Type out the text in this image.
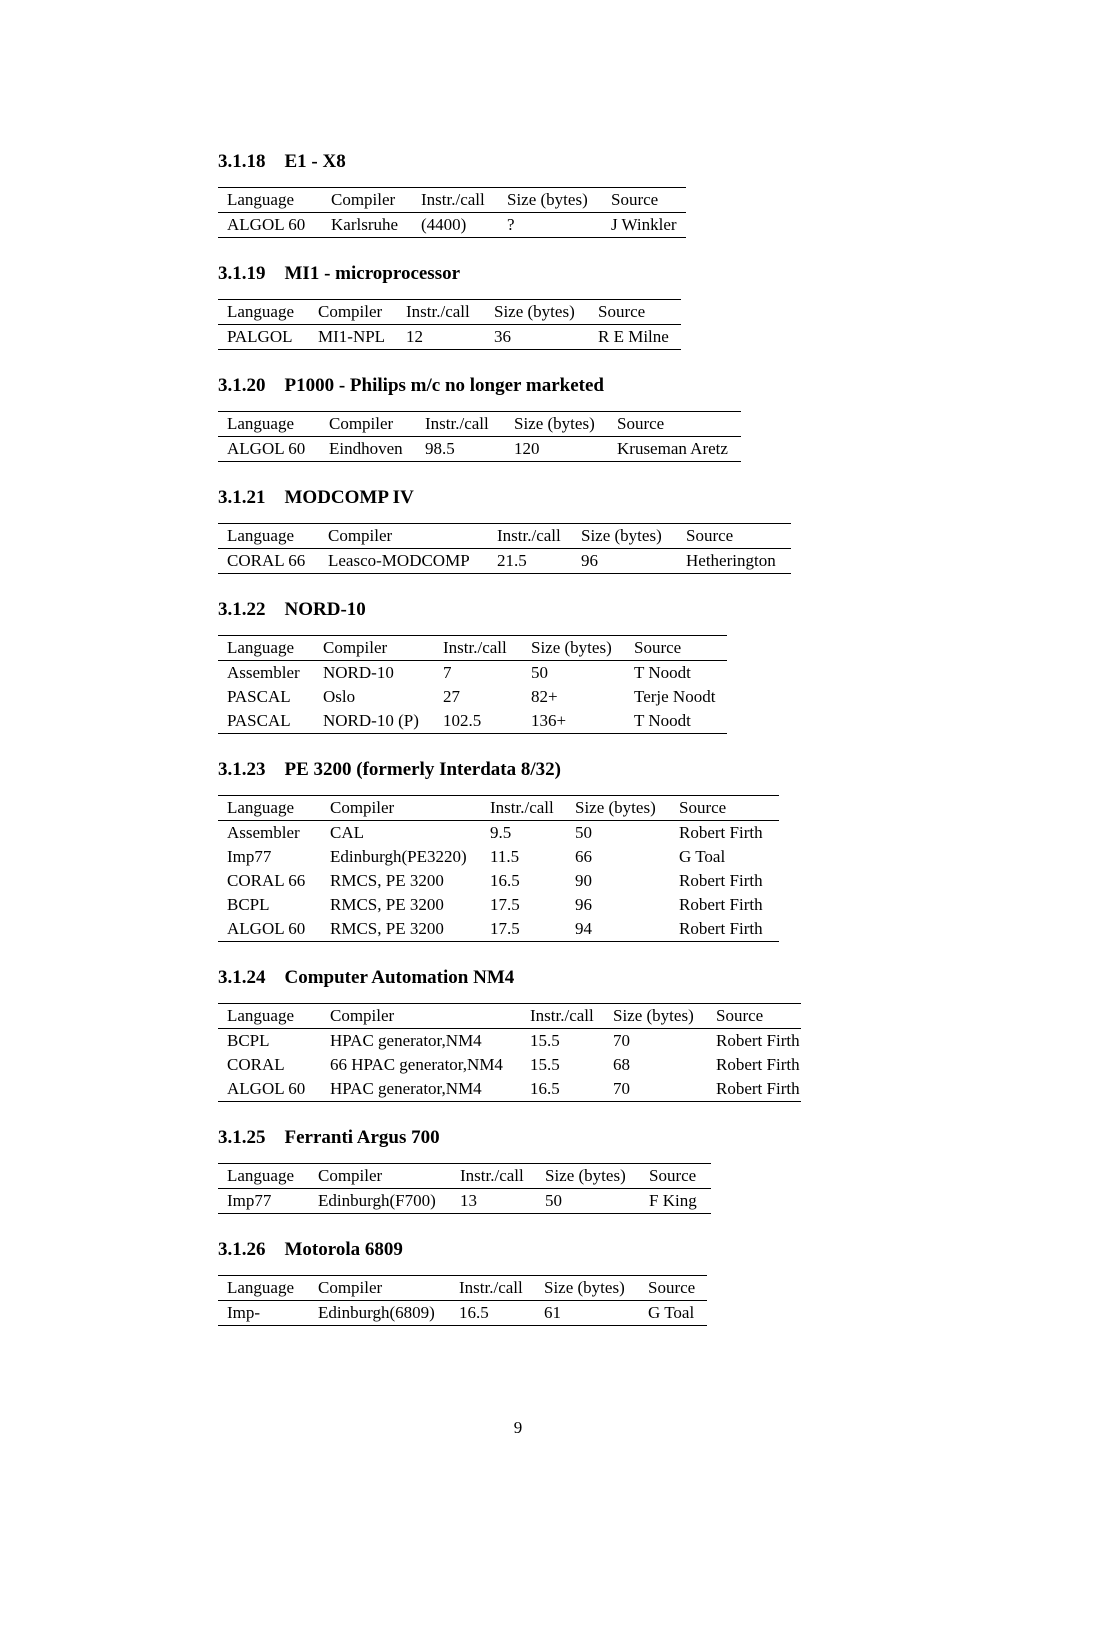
3.1.18 E1 - X8
Language	Compiler	Instr./call	Size (bytes)	Source
ALGOL 60	Karlsruhe	(4400)	?	J Winkler
3.1.19 MI1 - microprocessor
Language	Compiler	Instr./call	Size (bytes)	Source
PALGOL	MI1-NPL	12	36	R E Milne
3.1.20 P1000 - Philips m/c no longer marketed
Language	Compiler	Instr./call	Size (bytes)	Source
ALGOL 60	Eindhoven	98.5	120	Kruseman Aretz
3.1.21 MODCOMP IV
Language	Compiler	Instr./call	Size (bytes)	Source
CORAL 66	Leasco-MODCOMP	21.5	96	Hetherington
3.1.22 NORD-10
Language	Compiler	Instr./call	Size (bytes)	Source
Assembler	NORD-10	7	50	T Noodt
PASCAL	Oslo	27	82+	Terje Noodt
PASCAL	NORD-10 (P)	102.5	136+	T Noodt
3.1.23 PE 3200 (formerly Interdata 8/32)
Language	Compiler	Instr./call	Size (bytes)	Source
Assembler	CAL	9.5	50	Robert Firth
Imp77	Edinburgh(PE3220)	11.5	66	G Toal
CORAL 66	RMCS, PE 3200	16.5	90	Robert Firth
BCPL	RMCS, PE 3200	17.5	96	Robert Firth
ALGOL 60	RMCS, PE 3200	17.5	94	Robert Firth
3.1.24 Computer Automation NM4
Language	Compiler	Instr./call	Size (bytes)	Source
BCPL	HPAC generator,NM4	15.5	70	Robert Firth
CORAL	66 HPAC generator,NM4	15.5	68	Robert Firth
ALGOL 60	HPAC generator,NM4	16.5	70	Robert Firth
3.1.25 Ferranti Argus 700
Language	Compiler	Instr./call	Size (bytes)	Source
Imp77	Edinburgh(F700)	13	50	F King
3.1.26 Motorola 6809
Language	Compiler	Instr./call	Size (bytes)	Source
Imp-	Edinburgh(6809)	16.5	61	G Toal
9
